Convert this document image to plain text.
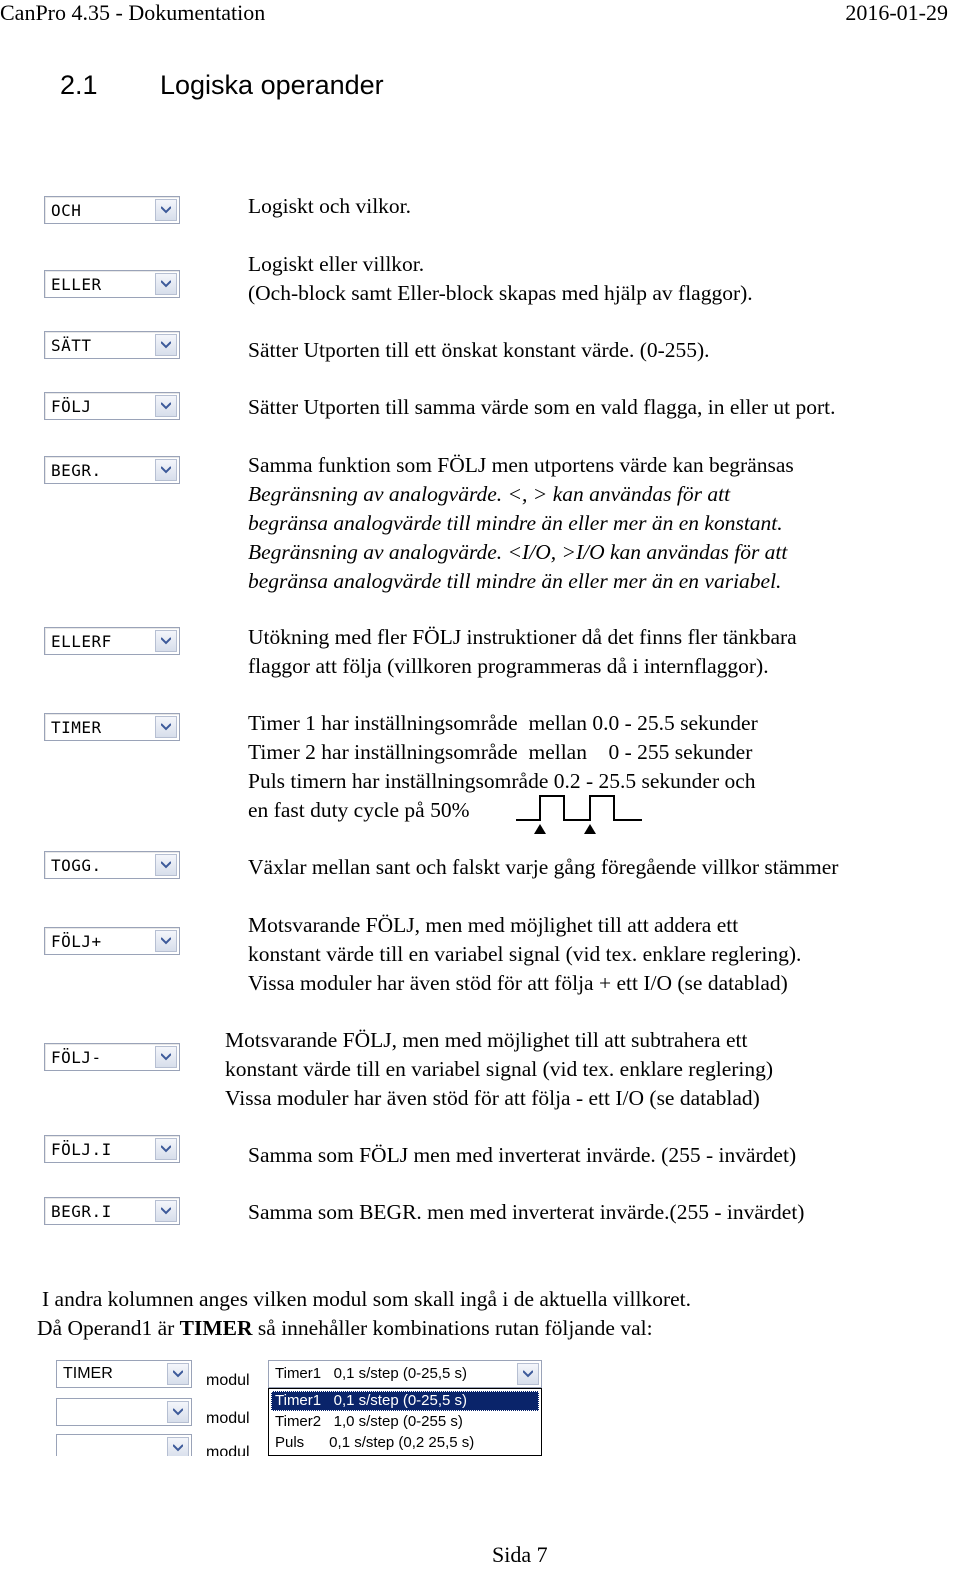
CanPro 4.35 - Dokumentation	2016-01-29
2.1 Logiska operander
OCH
ELLER
SÄTT
FÖLJ
BEGR.
ELLERF
TIMER
TOGG.
FÖLJ+
FÖLJ-
FÖLJ.I
BEGR.I
Logiskt och vilkor.
Logiskt eller villkor.
(Och-block samt Eller-block skapas med hjälp av flaggor).
Sätter Utporten till ett önskat konstant värde. (0-255).
Sätter Utporten till samma värde som en vald flagga, in eller ut port.
Samma funktion som FÖLJ men utportens värde kan begränsas
Begränsning av analogvärde. <, > kan användas för att
begränsa analogvärde till mindre än eller mer än en konstant.
Begränsning av analogvärde. <I/O, >I/O kan användas för att
begränsa analogvärde till mindre än eller mer än en variabel.
Utökning med fler FÖLJ instruktioner då det finns fler tänkbara
flaggor att följa (villkoren programmeras då i internflaggor).
Timer 1 har inställningsområde  mellan 0.0 - 25.5 sekunder
Timer 2 har inställningsområde  mellan    0 - 255 sekunder
Puls timern har inställningsområde 0.2 - 25.5 sekunder och
en fast duty cycle på 50%
Växlar mellan sant och falskt varje gång föregående villkor stämmer
Motsvarande FÖLJ, men med möjlighet till att addera ett
konstant värde till en variabel signal (vid tex. enklare reglering).
Vissa moduler har även stöd för att följa + ett I/O (se datablad)
Motsvarande FÖLJ, men med möjlighet till att subtrahera ett
konstant värde till en variabel signal (vid tex. enklare reglering)
Vissa moduler har även stöd för att följa - ett I/O (se datablad)
Samma som FÖLJ men med inverterat invärde. (255 - invärdet)
Samma som BEGR. men med inverterat invärde.(255 - invärdet)
I andra kolumnen anges vilken modul som skall ingå i de aktuella villkoret.
Då Operand1 är TIMER så innehåller kombinations rutan följande val:
TIMER	modul
modul
modul
Timer1   0,1 s/step (0-25,5 s)
Timer1   0,1 s/step (0-25,5 s)
Timer2   1,0 s/step (0-255 s)
Puls      0,1 s/step (0,2 25,5 s)
Sida 7
